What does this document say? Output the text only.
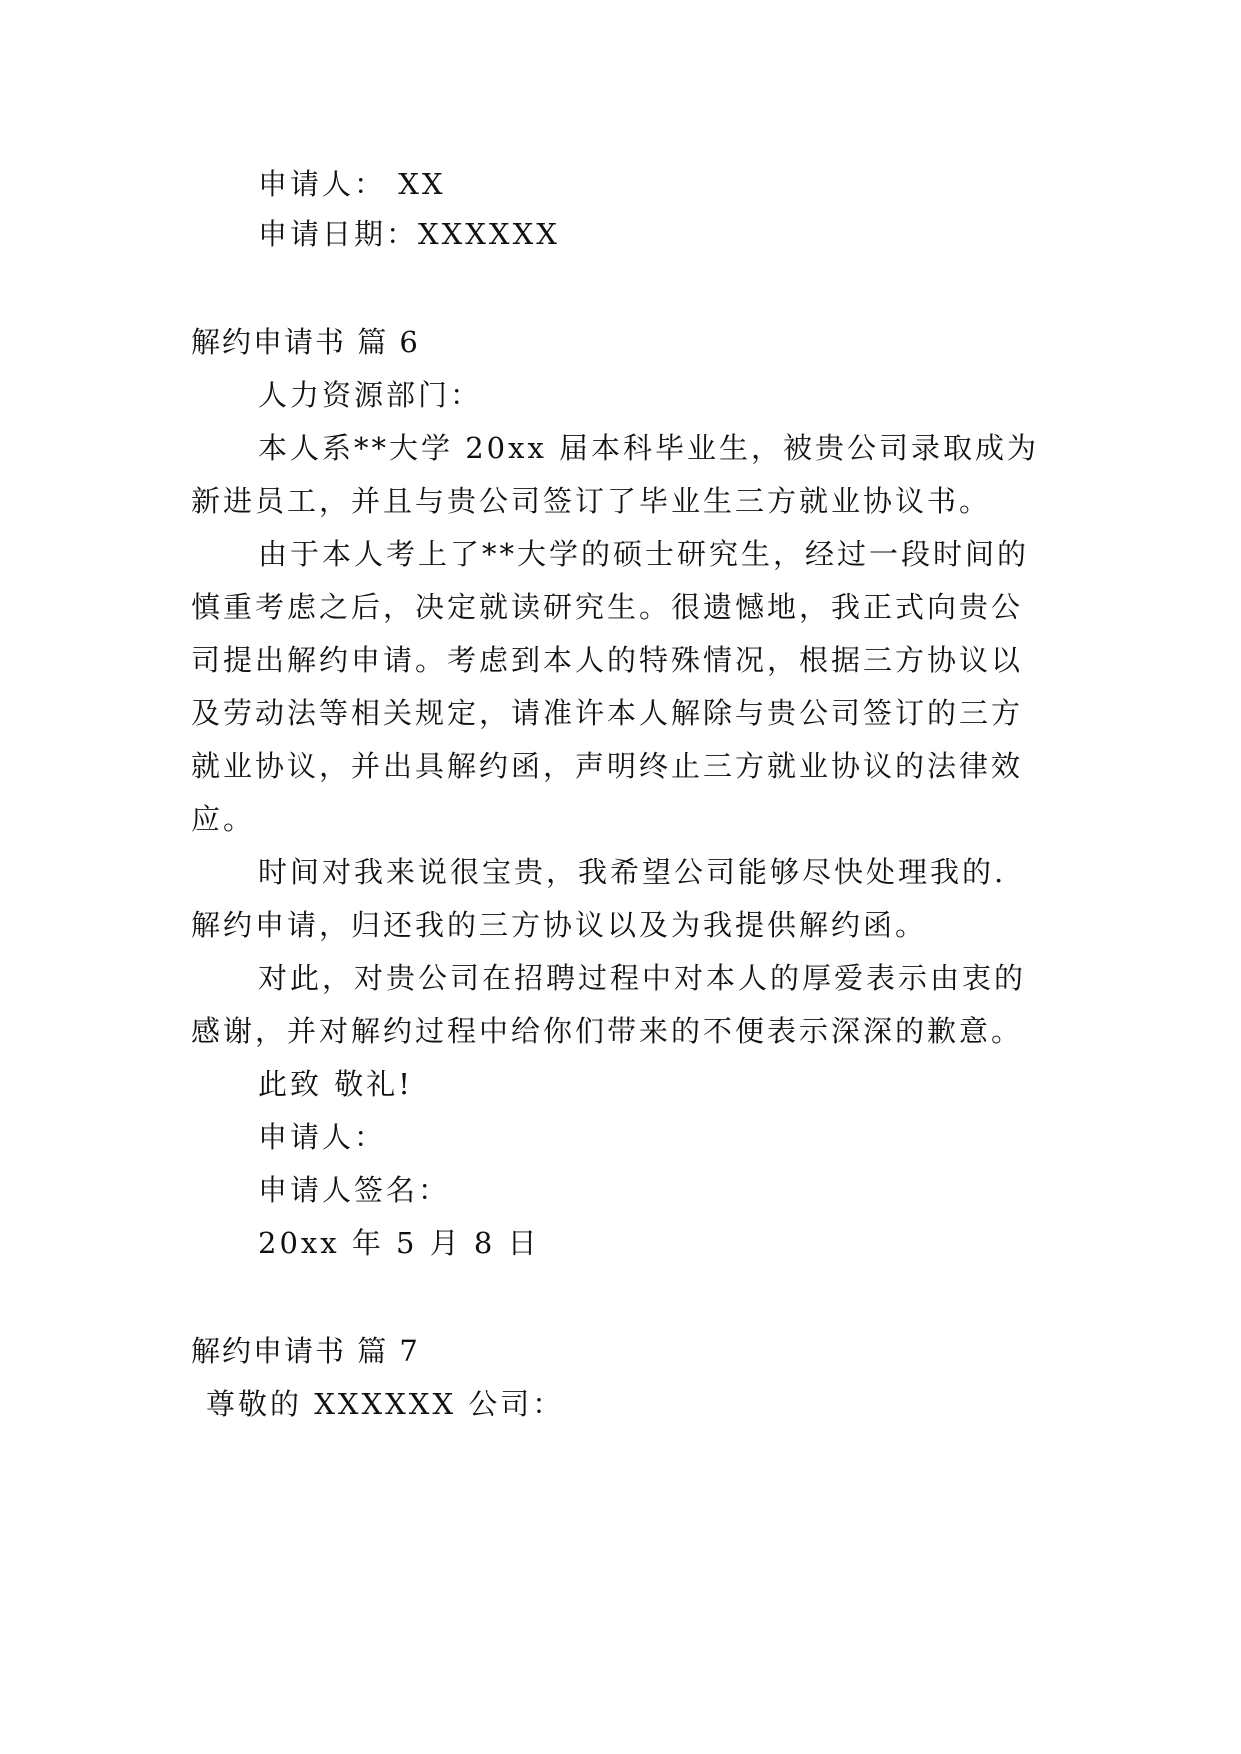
申请人： XX
申请日期：XXXXXX
解约申请书 篇 6
人力资源部门：
本人系**大学 20xx 届本科毕业生，被贵公司录取成为
新进员工，并且与贵公司签订了毕业生三方就业协议书。
由于本人考上了**大学的硕士研究生，经过一段时间的
慎重考虑之后，决定就读研究生。很遗憾地，我正式向贵公
司提出解约申请。考虑到本人的特殊情况，根据三方协议以
及劳动法等相关规定，请准许本人解除与贵公司签订的三方
就业协议，并出具解约函，声明终止三方就业协议的法律效
应。
时间对我来说很宝贵，我希望公司能够尽快处理我的.
解约申请，归还我的三方协议以及为我提供解约函。
对此，对贵公司在招聘过程中对本人的厚爱表示由衷的
感谢，并对解约过程中给你们带来的不便表示深深的歉意。
此致 敬礼!
申请人：
申请人签名：
20xx 年 5 月 8 日
解约申请书 篇 7
尊敬的 XXXXXX 公司：
